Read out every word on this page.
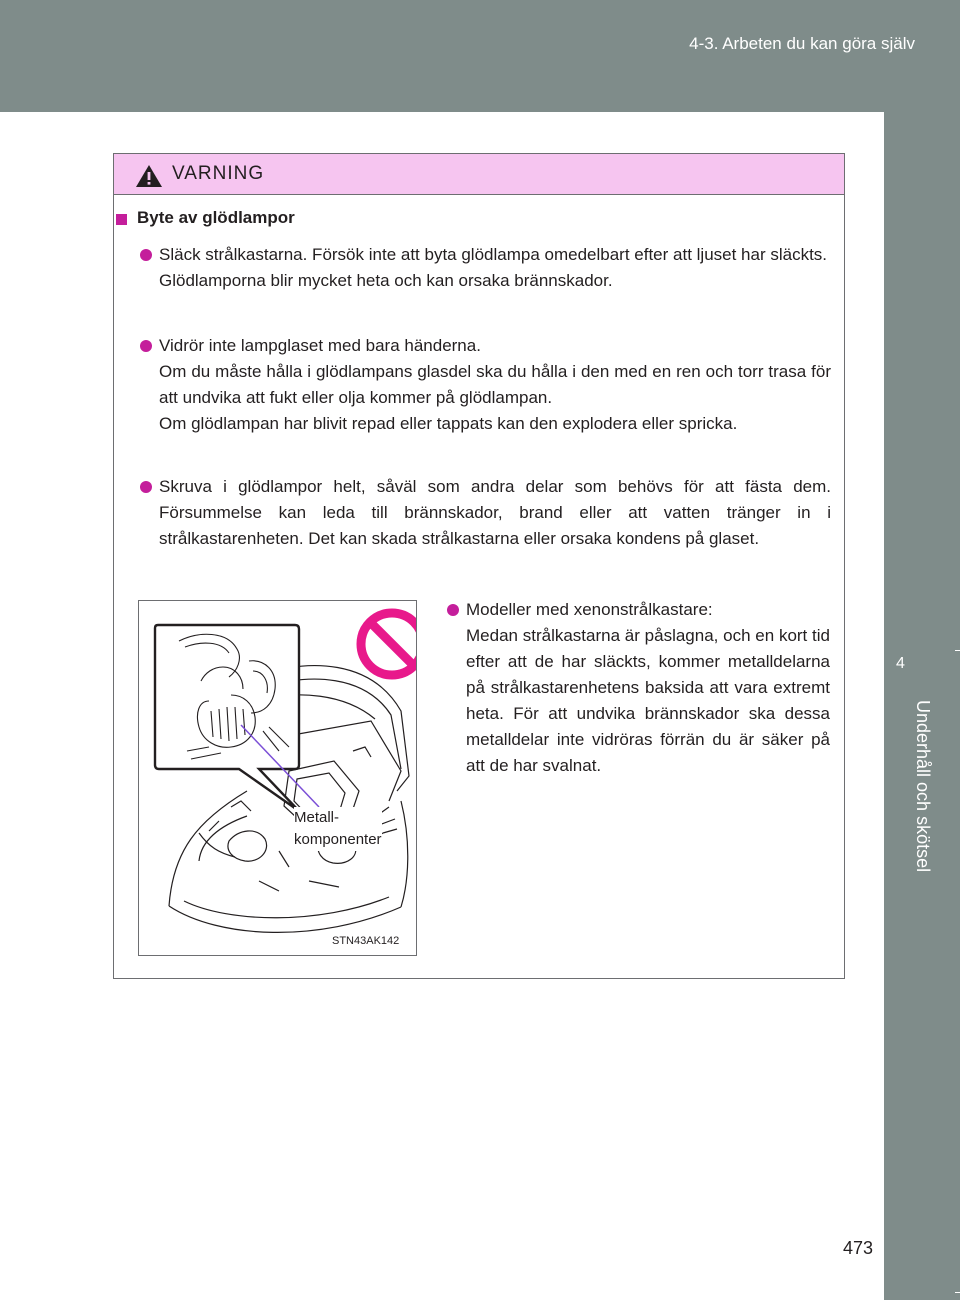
4-3. Arbeten du kan göra själv
4
Underhåll och skötsel
VARNING
Byte av glödlampor

Släck strålkastarna. Försök inte att byta glödlampa omedelbart efter att ljuset har släckts.

Glödlamporna blir mycket heta och kan orsaka brännskador.

Vidrör inte lampglaset med bara händerna.

Om du måste hålla i glödlampans glasdel ska du hålla i den med en ren och torr trasa för att undvika att fukt eller olja kommer på glödlampan.

Om glödlampan har blivit repad eller tappats kan den explodera eller spricka.

Skruva i glödlampor helt, såväl som andra delar som behövs för att fästa dem. Försummelse kan leda till brännskador, brand eller att vatten tränger in i strålkastarenheten. Det kan skada strålkastarna eller orsaka kondens på glaset.

Metall-
komponenter
STN43AK142

Modeller med xenonstrålkastare:

Medan strålkastarna är påslagna, och en kort tid efter att de har släckts, kommer metalldelarna på strålkastarenhetens baksida att vara extremt heta. För att undvika brännskador ska dessa metalldelar inte vidröras förrän du är säker på att de har svalnat.

473
